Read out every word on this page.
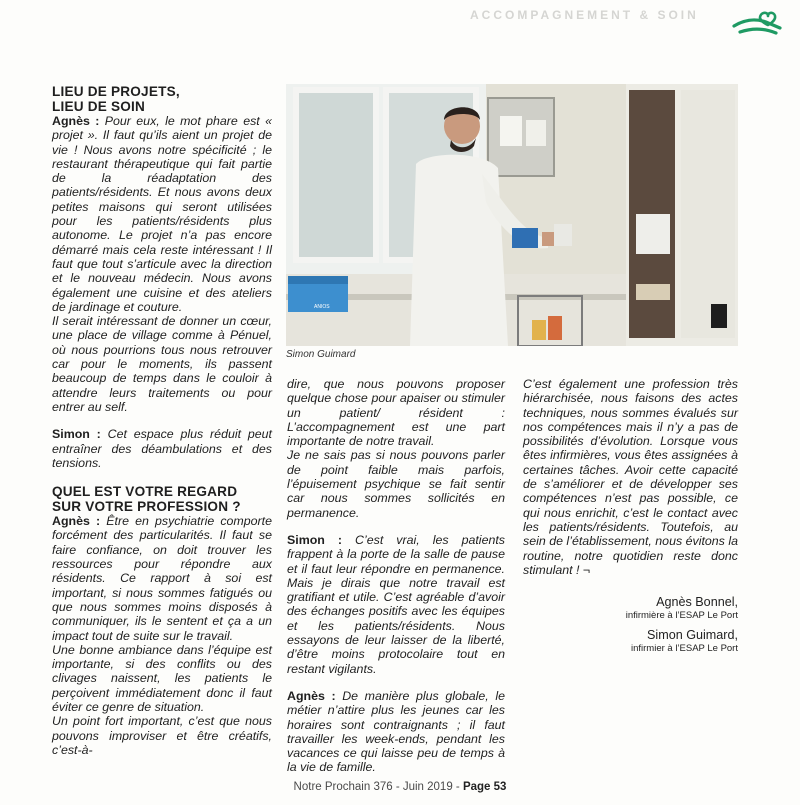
ACCOMPAGNEMENT & SOIN
LIEU DE PROJETS,
LIEU DE SOIN

Agnès : Pour eux, le mot phare est « projet ». Il faut qu’ils aient un projet de vie ! Nous avons notre spécificité ; le restaurant thérapeutique qui fait partie de la réadaptation des patients/résidents. Et nous avons deux petites maisons qui seront utilisées pour les patients/résidents plus autonome. Le projet n’a pas encore démarré mais cela reste intéressant ! Il faut que tout s’articule avec la direction et le nouveau médecin. Nous avons également une cuisine et des ateliers de jardinage et couture.

Il serait intéressant de donner un cœur, une place de village comme à Pénuel, où nous pourrions tous nous retrouver car pour le moments, ils passent beaucoup de temps dans le couloir à attendre leurs traitements ou pour entrer au self.

Simon : Cet espace plus réduit peut entraîner des déambulations et des tensions.

QUEL EST VOTRE REGARD
SUR VOTRE PROFESSION ?

Agnès : Être en psychiatrie comporte forcément des particularités. Il faut se faire confiance, on doit trouver les ressources pour répondre aux résidents. Ce rapport à soi est important, si nous sommes fatigués ou que nous sommes moins disposés à communiquer, ils le sentent et ça a un impact tout de suite sur le travail.

Une bonne ambiance dans l’équipe est importante, si des conflits ou des clivages naissent, les patients le perçoivent immédiatement donc il faut éviter ce genre de situation.

Un point fort important, c’est que nous pouvons improviser et être créatifs, c’est-à-

ANIOS
Simon Guimard

dire, que nous pouvons proposer quelque chose pour apaiser ou stimuler un patient/ résident : L’accompagnement est une part importante de notre travail.

Je ne sais pas si nous pouvons parler de point faible mais parfois, l’épuisement psychique se fait sentir car nous sommes sollicités en permanence.

Simon : C’est vrai, les patients frappent à la porte de la salle de pause et il faut leur répondre en permanence. Mais je dirais que notre travail est gratifiant et utile. C’est agréable d’avoir des échanges positifs avec les équipes et les patients/résidents. Nous essayons de leur laisser de la liberté, d’être moins protocolaire tout en restant vigilants.

Agnès : De manière plus globale, le métier n’attire plus les jeunes car les horaires sont contraignants ; il faut travailler les week-ends, pendant les vacances ce qui laisse peu de temps à la vie de famille.

C’est également une profession très hiérarchisée, nous faisons des actes techniques, nous sommes évalués sur nos compétences mais il n’y a pas de possibilités d’évolution. Lorsque vous êtes infirmières, vous êtes assignées à certaines tâches. Avoir cette capacité de s’améliorer et de développer ses compétences n’est pas possible, ce qui nous enrichit, c’est le contact avec les patients/résidents. Toutefois, au sein de l’établissement, nous évitons la routine, notre quotidien reste donc stimulant ! ¬

Agnès Bonnel,
infirmière à l’ESAP Le Port
Simon Guimard,
infirmier à l’ESAP Le Port
Notre Prochain 376 - Juin 2019 - Page 53
